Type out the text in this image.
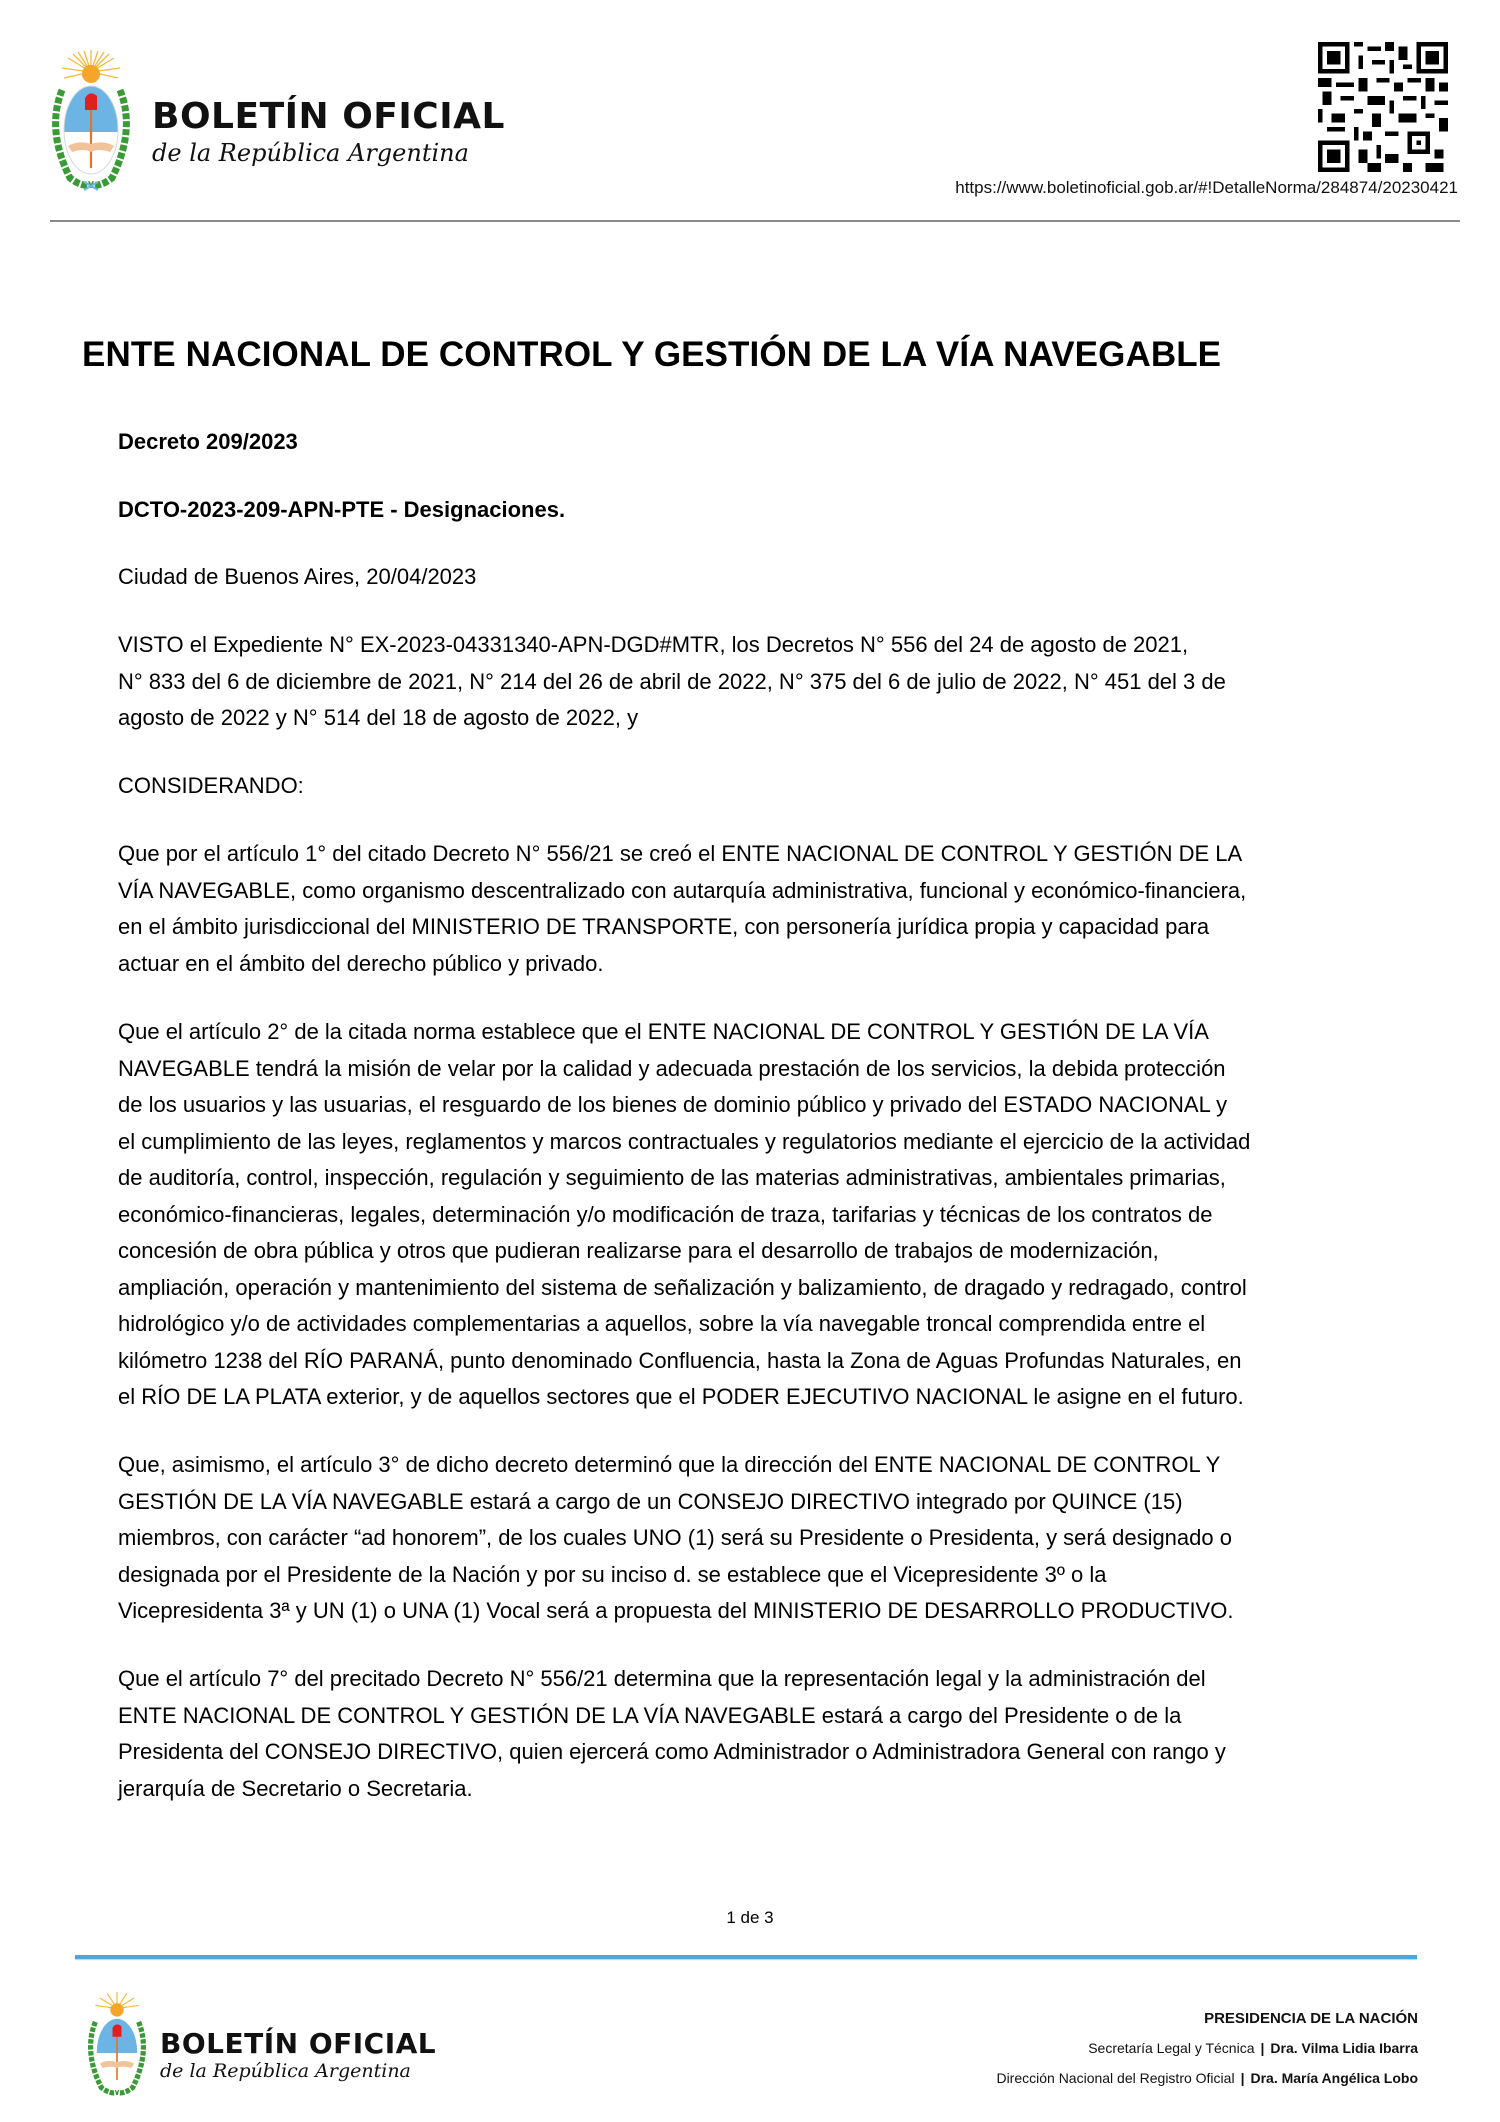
BOLETÍN OFICIAL
de la República Argentina
https://www.boletinoficial.gob.ar/#!DetalleNorma/284874/20230421
ENTE NACIONAL DE CONTROL Y GESTIÓN DE LA VÍA NAVEGABLE
Decreto 209/2023
DCTO-2023-209-APN-PTE - Designaciones.
Ciudad de Buenos Aires, 20/04/2023
VISTO el Expediente N° EX-2023-04331340-APN-DGD#MTR, los Decretos N° 556 del 24 de agosto de 2021,
N° 833 del 6 de diciembre de 2021, N° 214 del 26 de abril de 2022, N° 375 del 6 de julio de 2022, N° 451 del 3 de
agosto de 2022 y N° 514 del 18 de agosto de 2022, y
CONSIDERANDO:
Que por el artículo 1° del citado Decreto N° 556/21 se creó el ENTE NACIONAL DE CONTROL Y GESTIÓN DE LA
VÍA NAVEGABLE, como organismo descentralizado con autarquía administrativa, funcional y económico-financiera,
en el ámbito jurisdiccional del MINISTERIO DE TRANSPORTE, con personería jurídica propia y capacidad para
actuar en el ámbito del derecho público y privado.
Que el artículo 2° de la citada norma establece que el ENTE NACIONAL DE CONTROL Y GESTIÓN DE LA VÍA
NAVEGABLE tendrá la misión de velar por la calidad y adecuada prestación de los servicios, la debida protección
de los usuarios y las usuarias, el resguardo de los bienes de dominio público y privado del ESTADO NACIONAL y
el cumplimiento de las leyes, reglamentos y marcos contractuales y regulatorios mediante el ejercicio de la actividad
de auditoría, control, inspección, regulación y seguimiento de las materias administrativas, ambientales primarias,
económico-financieras, legales, determinación y/o modificación de traza, tarifarias y técnicas de los contratos de
concesión de obra pública y otros que pudieran realizarse para el desarrollo de trabajos de modernización,
ampliación, operación y mantenimiento del sistema de señalización y balizamiento, de dragado y redragado, control
hidrológico y/o de actividades complementarias a aquellos, sobre la vía navegable troncal comprendida entre el
kilómetro 1238 del RÍO PARANÁ, punto denominado Confluencia, hasta la Zona de Aguas Profundas Naturales, en
el RÍO DE LA PLATA exterior, y de aquellos sectores que el PODER EJECUTIVO NACIONAL le asigne en el futuro.
Que, asimismo, el artículo 3° de dicho decreto determinó que la dirección del ENTE NACIONAL DE CONTROL Y
GESTIÓN DE LA VÍA NAVEGABLE estará a cargo de un CONSEJO DIRECTIVO integrado por QUINCE (15)
miembros, con carácter “ad honorem”, de los cuales UNO (1) será su Presidente o Presidenta, y será designado o
designada por el Presidente de la Nación y por su inciso d. se establece que el Vicepresidente 3º o la
Vicepresidenta 3ª y UN (1) o UNA (1) Vocal será a propuesta del MINISTERIO DE DESARROLLO PRODUCTIVO.
Que el artículo 7° del precitado Decreto N° 556/21 determina que la representación legal y la administración del
ENTE NACIONAL DE CONTROL Y GESTIÓN DE LA VÍA NAVEGABLE estará a cargo del Presidente o de la
Presidenta del CONSEJO DIRECTIVO, quien ejercerá como Administrador o Administradora General con rango y
jerarquía de Secretario o Secretaria.
1 de 3
BOLETÍN OFICIAL
de la República Argentina
PRESIDENCIA DE LA NACIÓN
Secretaría Legal y Técnica | Dra. Vilma Lidia Ibarra
Dirección Nacional del Registro Oficial | Dra. María Angélica Lobo
